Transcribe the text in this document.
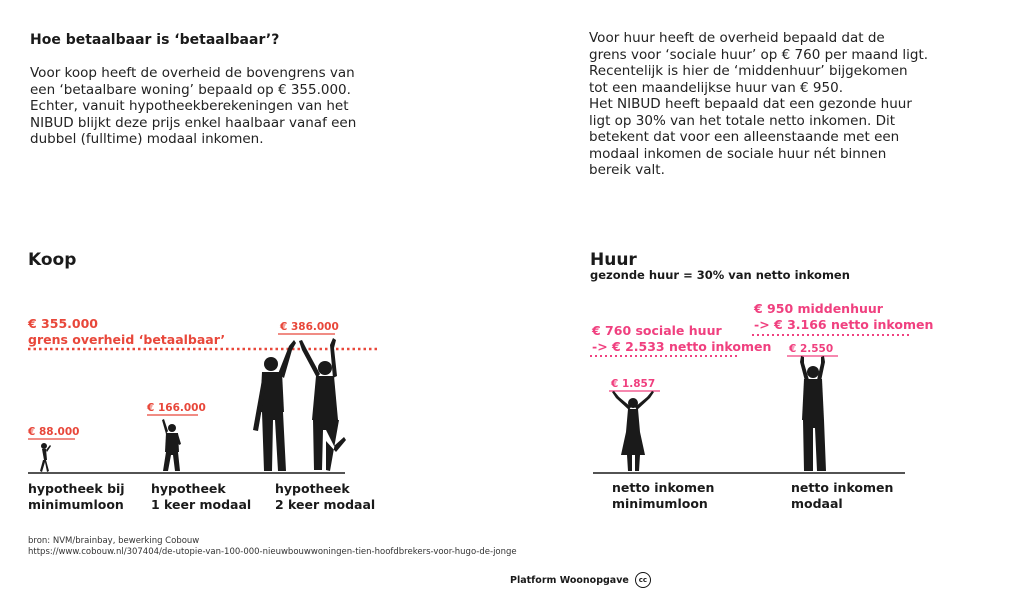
Hoe betaalbaar is ‘betaalbaar’?
Voor koop heeft de overheid de bovengrens van
een ‘betaalbare woning’ bepaald op € 355.000.
Echter, vanuit hypotheekberekeningen van het
NIBUD blijkt deze prijs enkel haalbaar vanaf een
dubbel (fulltime) modaal inkomen.
Voor huur heeft de overheid bepaald dat de
grens voor ‘sociale huur’ op € 760 per maand ligt.
Recentelijk is hier de ‘middenhuur’ bijgekomen
tot een maandelijkse huur van € 950.
Het NIBUD heeft bepaald dat een gezonde huur
ligt op 30% van het totale netto inkomen. Dit
betekent dat voor een alleenstaande met een
modaal inkomen de sociale huur nét binnen
bereik valt.
Koop
€ 355.000
grens overheid ‘betaalbaar’
€ 88.000
€ 166.000
€ 386.000
hypotheek bij
minimumloon
hypotheek
1 keer modaal
hypotheek
2 keer modaal
Huur
gezonde huur = 30% van netto inkomen
€ 760 sociale huur
-> € 2.533 netto inkomen
€ 950 middenhuur
-> € 3.166 netto inkomen
€ 1.857
€ 2.550
netto inkomen
minimumloon
netto inkomen
modaal
bron: NVM/brainbay, bewerking Cobouw
https://www.cobouw.nl/307404/de-utopie-van-100-000-nieuwbouwwoningen-tien-hoofdbrekers-voor-hugo-de-jonge
Platform Woonopgave	cc
